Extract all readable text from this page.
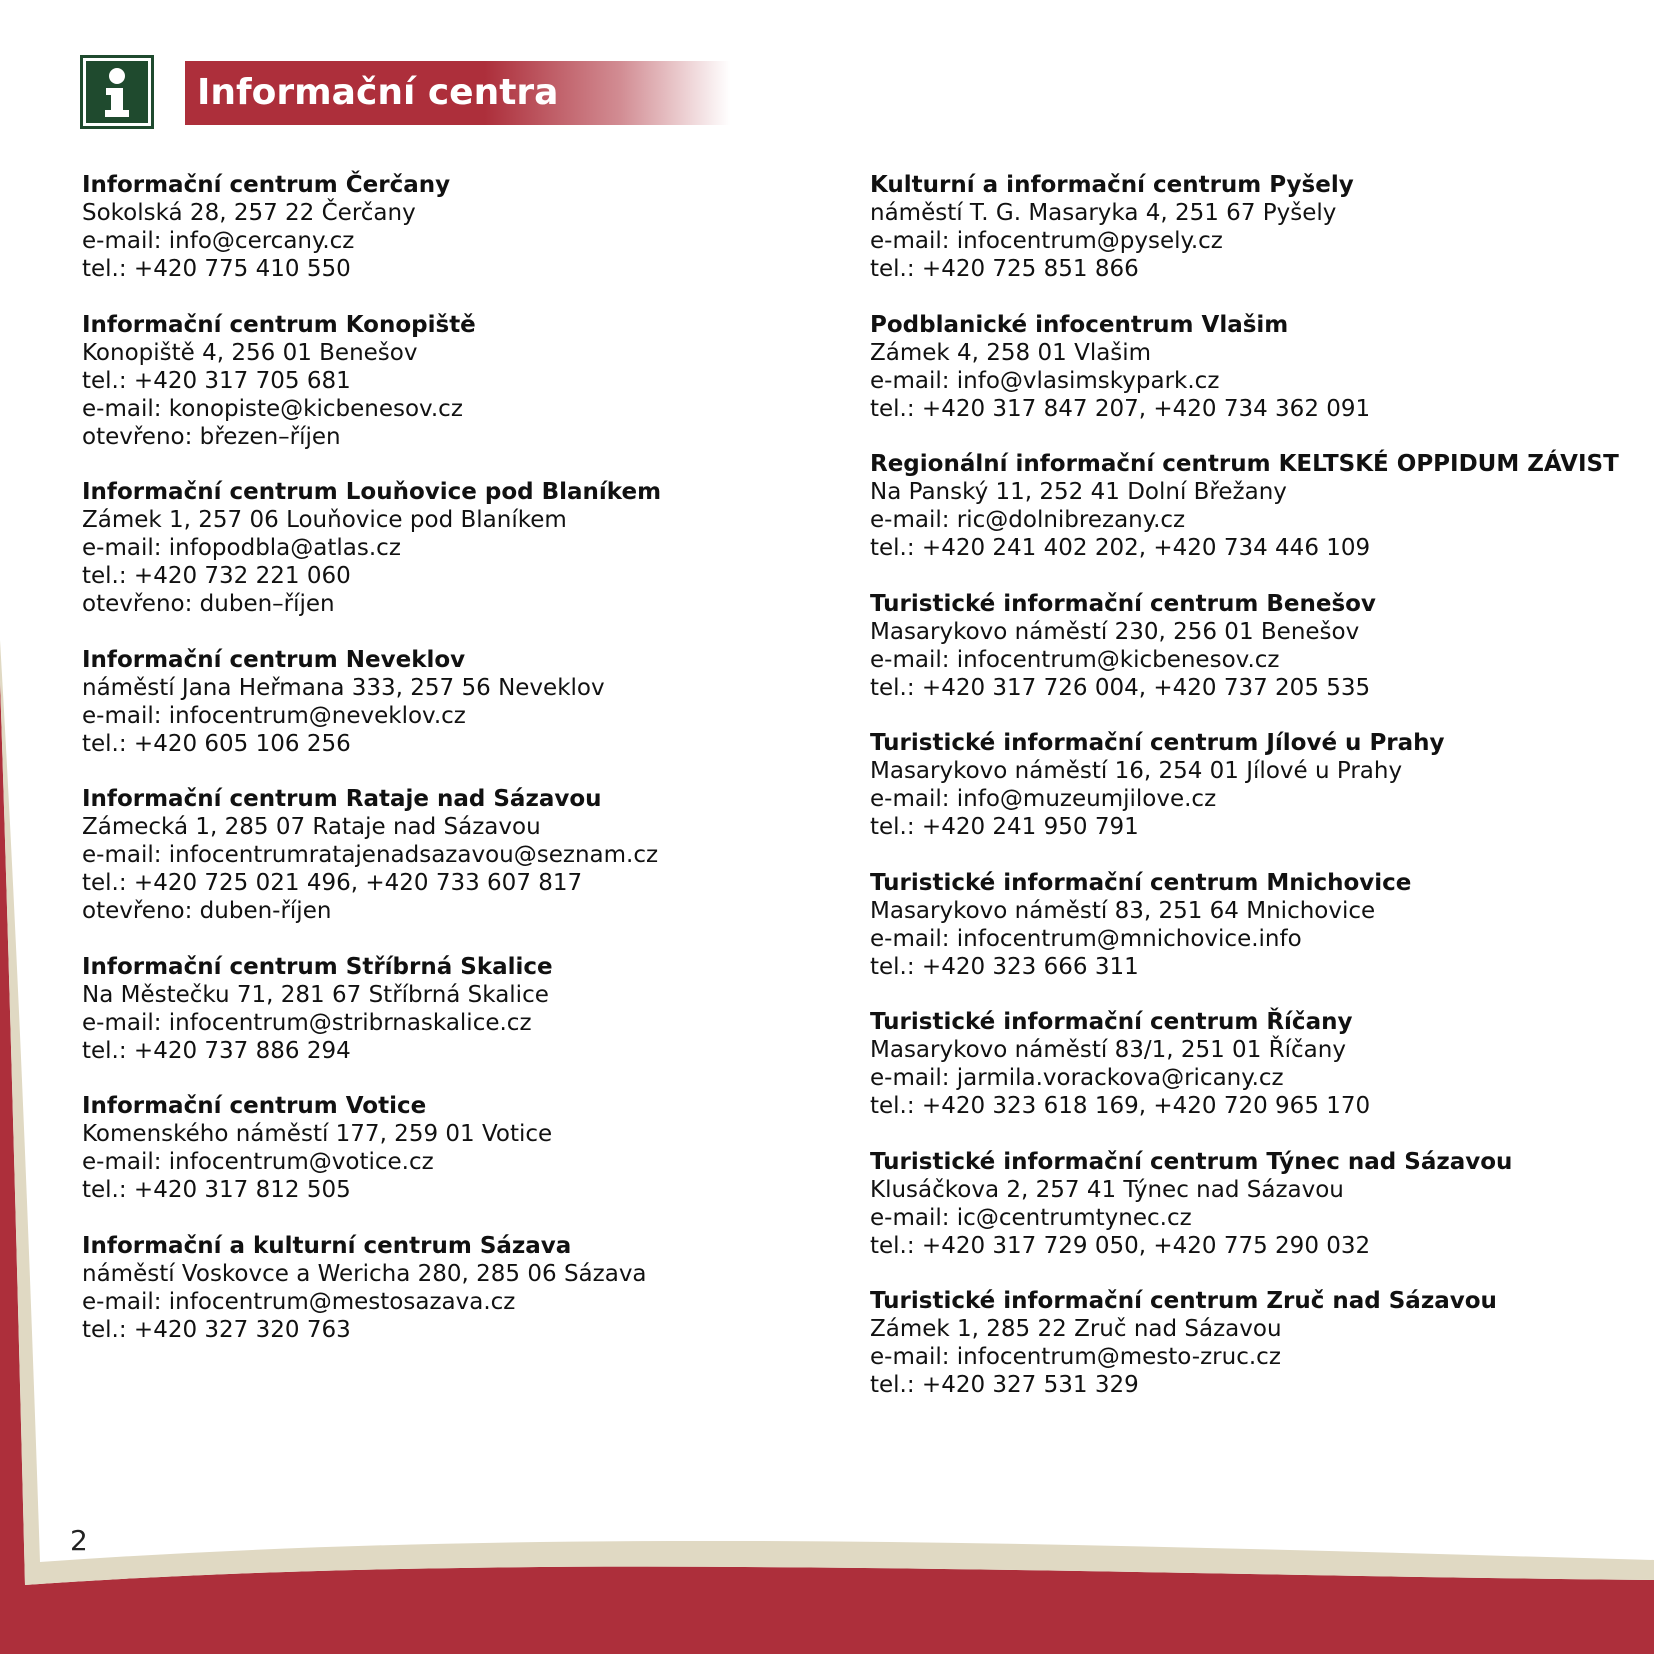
Informační centra
Informační centrum Čerčany
Sokolská 28, 257 22 Čerčany
e-mail: info@cercany.cz
tel.: +420 775 410 550
Informační centrum Konopiště
Konopiště 4, 256 01 Benešov
tel.: +420 317 705 681
e-mail: konopiste@kicbenesov.cz
otevřeno: březen–říjen
Informační centrum Louňovice pod Blaníkem
Zámek 1, 257 06 Louňovice pod Blaníkem
e-mail: infopodbla@atlas.cz
tel.: +420 732 221 060
otevřeno: duben–říjen
Informační centrum Neveklov
náměstí Jana Heřmana 333, 257 56 Neveklov
e-mail: infocentrum@neveklov.cz
tel.: +420 605 106 256
Informační centrum Rataje nad Sázavou
Zámecká 1, 285 07 Rataje nad Sázavou
e-mail: infocentrumratajenadsazavou@seznam.cz
tel.: +420 725 021 496, +420 733 607 817
otevřeno: duben-říjen
Informační centrum Stříbrná Skalice
Na Městečku 71, 281 67 Stříbrná Skalice
e-mail: infocentrum@stribrnaskalice.cz
tel.: +420 737 886 294
Informační centrum Votice
Komenského náměstí 177, 259 01 Votice
e-mail: infocentrum@votice.cz
tel.: +420 317 812 505
Informační a kulturní centrum Sázava
náměstí Voskovce a Wericha 280, 285 06 Sázava
e-mail: infocentrum@mestosazava.cz
tel.: +420 327 320 763
Kulturní a informační centrum Pyšely
náměstí T. G. Masaryka 4, 251 67 Pyšely
e-mail: infocentrum@pysely.cz
tel.: +420 725 851 866
Podblanické infocentrum Vlašim
Zámek 4, 258 01 Vlašim
e-mail: info@vlasimskypark.cz
tel.: +420 317 847 207, +420 734 362 091
Regionální informační centrum KELTSKÉ OPPIDUM ZÁVIST
Na Panský 11, 252 41 Dolní Břežany
e-mail: ric@dolnibrezany.cz
tel.: +420 241 402 202, +420 734 446 109
Turistické informační centrum Benešov
Masarykovo náměstí 230, 256 01 Benešov
e-mail: infocentrum@kicbenesov.cz
tel.: +420 317 726 004, +420 737 205 535
Turistické informační centrum Jílové u Prahy
Masarykovo náměstí 16, 254 01 Jílové u Prahy
e-mail: info@muzeumjilove.cz
tel.: +420 241 950 791
Turistické informační centrum Mnichovice
Masarykovo náměstí 83, 251 64 Mnichovice
e-mail: infocentrum@mnichovice.info
tel.: +420 323 666 311
Turistické informační centrum Říčany
Masarykovo náměstí 83/1, 251 01 Říčany
e-mail: jarmila.vorackova@ricany.cz
tel.: +420 323 618 169, +420 720 965 170
Turistické informační centrum Týnec nad Sázavou
Klusáčkova 2, 257 41 Týnec nad Sázavou
e-mail: ic@centrumtynec.cz
tel.: +420 317 729 050, +420 775 290 032
Turistické informační centrum Zruč nad Sázavou
Zámek 1, 285 22 Zruč nad Sázavou
e-mail: infocentrum@mesto-zruc.cz
tel.: +420 327 531 329
2
